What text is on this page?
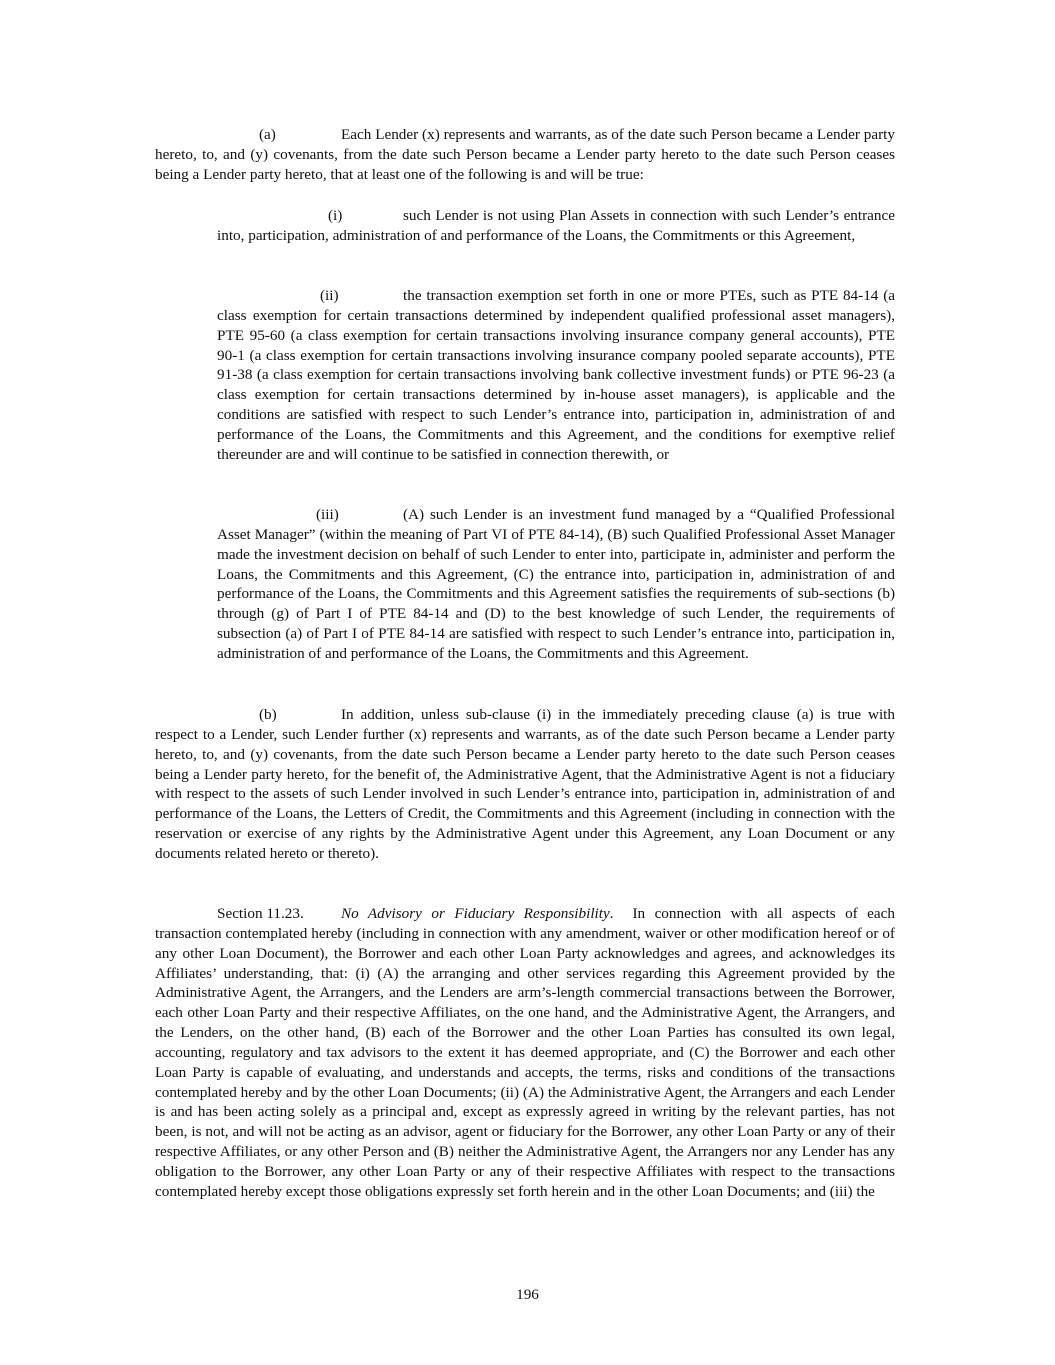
(a)	Each Lender (x) represents and warrants, as of the date such Person became a Lender party hereto, to, and (y) covenants, from the date such Person became a Lender party hereto to the date such Person ceases being a Lender party hereto, that at least one of the following is and will be true:

(i)	such Lender is not using Plan Assets in connection with such Lender’s entrance into, participation, administration of and performance of the Loans, the Commitments or this Agreement,

(ii)	the transaction exemption set forth in one or more PTEs, such as PTE 84-14 (a class exemption for certain transactions determined by independent qualified professional asset managers), PTE 95-60 (a class exemption for certain transactions involving insurance company general accounts), PTE 90-1 (a class exemption for certain transactions involving insurance company pooled separate accounts), PTE 91-38 (a class exemption for certain transactions involving bank collective investment funds) or PTE 96-23 (a class exemption for certain transactions determined by in-house asset managers), is applicable and the conditions are satisfied with respect to such Lender’s entrance into, participation in, administration of and performance of the Loans, the Commitments and this Agreement, and the conditions for exemptive relief thereunder are and will continue to be satisfied in connection therewith, or

(iii)	(A) such Lender is an investment fund managed by a “Qualified Professional Asset Manager” (within the meaning of Part VI of PTE 84-14), (B) such Qualified Professional Asset Manager made the investment decision on behalf of such Lender to enter into, participate in, administer and perform the Loans, the Commitments and this Agreement, (C) the entrance into, participation in, administration of and performance of the Loans, the Commitments and this Agreement satisfies the requirements of sub-sections (b) through (g) of Part I of PTE 84-14 and (D) to the best knowledge of such Lender, the requirements of subsection (a) of Part I of PTE 84-14 are satisfied with respect to such Lender’s entrance into, participation in, administration of and performance of the Loans, the Commitments and this Agreement.

(b)	In addition, unless sub-clause (i) in the immediately preceding clause (a) is true with respect to a Lender, such Lender further (x) represents and warrants, as of the date such Person became a Lender party hereto, to, and (y) covenants, from the date such Person became a Lender party hereto to the date such Person ceases being a Lender party hereto, for the benefit of, the Administrative Agent, that the Administrative Agent is not a fiduciary with respect to the assets of such Lender involved in such Lender’s entrance into, participation in, administration of and performance of the Loans, the Letters of Credit, the Commitments and this Agreement (including in connection with the reservation or exercise of any rights by the Administrative Agent under this Agreement, any Loan Document or any documents related hereto or thereto).

Section 11.23. No Advisory or Fiduciary Responsibility. In connection with all aspects of each transaction contemplated hereby (including in connection with any amendment, waiver or other modification hereof or of any other Loan Document), the Borrower and each other Loan Party acknowledges and agrees, and acknowledges its Affiliates’ understanding, that: (i) (A) the arranging and other services regarding this Agreement provided by the Administrative Agent, the Arrangers, and the Lenders are arm’s-length commercial transactions between the Borrower, each other Loan Party and their respective Affiliates, on the one hand, and the Administrative Agent, the Arrangers, and the Lenders, on the other hand, (B) each of the Borrower and the other Loan Parties has consulted its own legal, accounting, regulatory and tax advisors to the extent it has deemed appropriate, and (C) the Borrower and each other Loan Party is capable of evaluating, and understands and accepts, the terms, risks and conditions of the transactions contemplated hereby and by the other Loan Documents; (ii) (A) the Administrative Agent, the Arrangers and each Lender is and has been acting solely as a principal and, except as expressly agreed in writing by the relevant parties, has not been, is not, and will not be acting as an advisor, agent or fiduciary for the Borrower, any other Loan Party or any of their respective Affiliates, or any other Person and (B) neither the Administrative Agent, the Arrangers nor any Lender has any obligation to the Borrower, any other Loan Party or any of their respective Affiliates with respect to the transactions contemplated hereby except those obligations expressly set forth herein and in the other Loan Documents; and (iii) the

196
